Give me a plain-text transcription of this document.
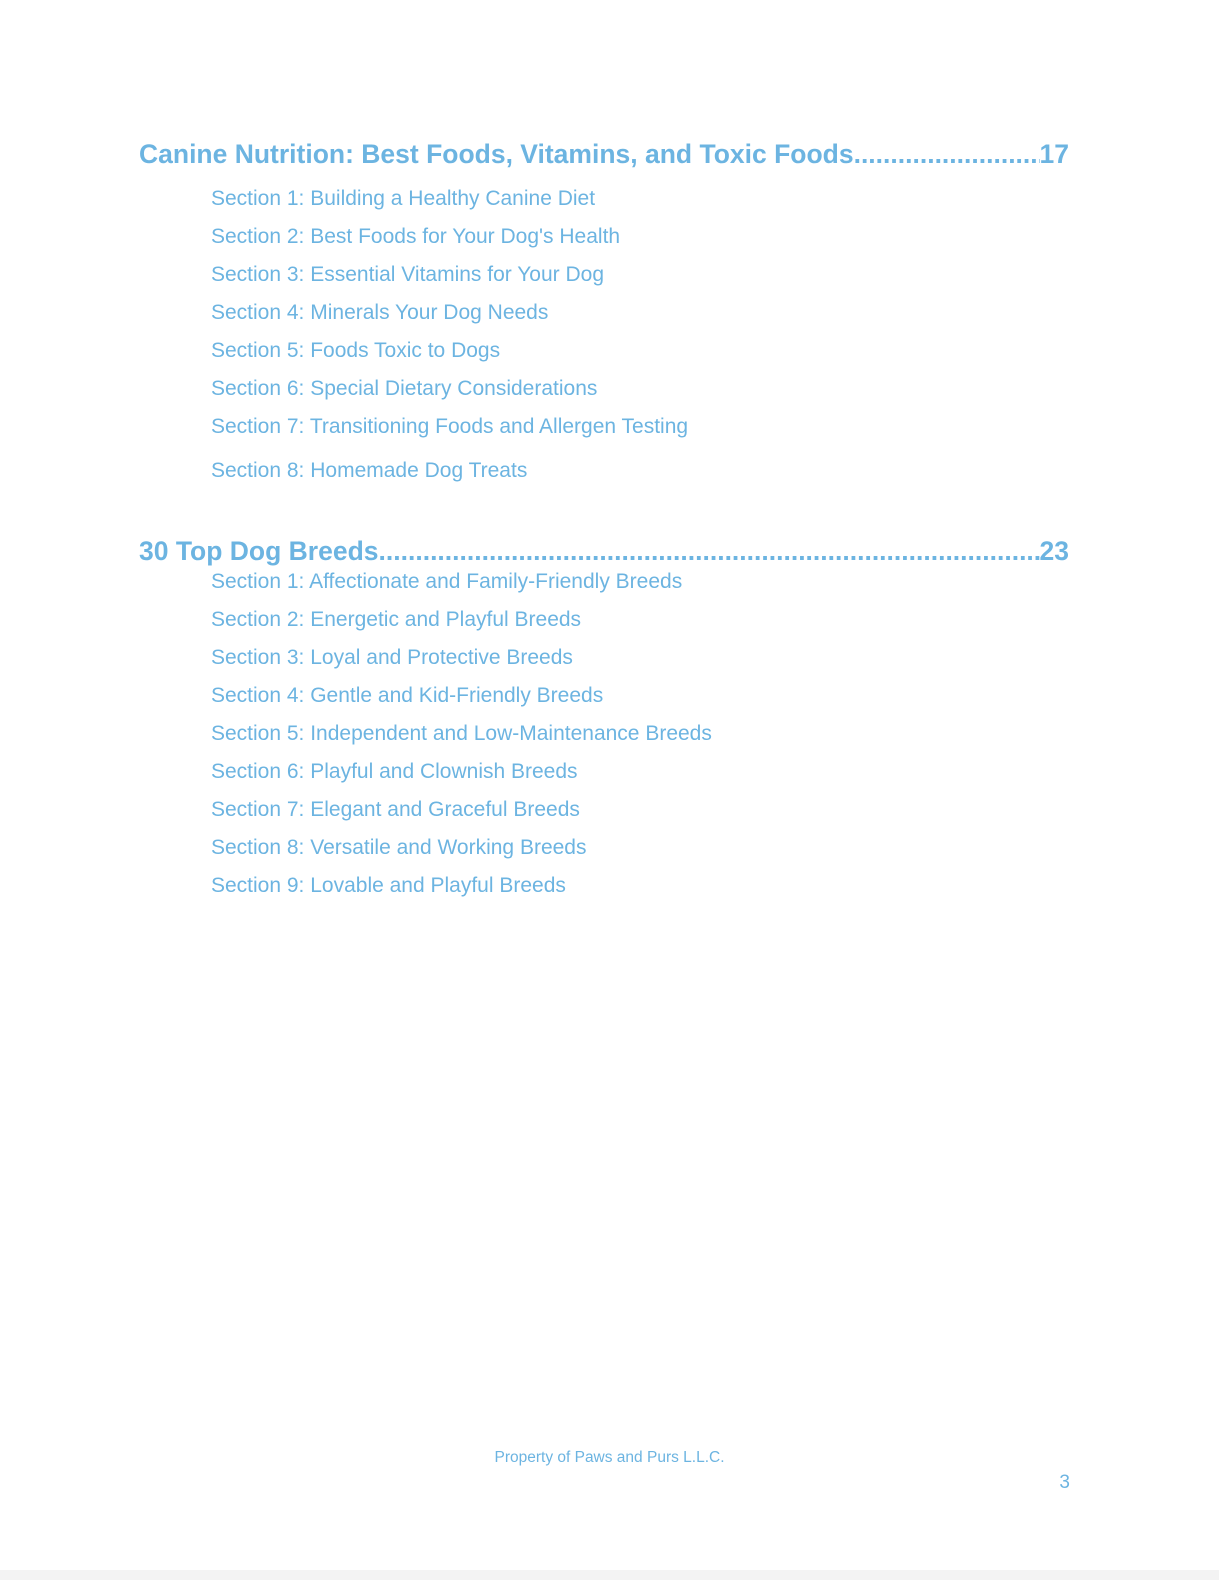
Canine Nutrition: Best Foods, Vitamins, and Toxic Foods .....	17
Section 1: Building a Healthy Canine Diet
Section 2: Best Foods for Your Dog's Health
Section 3: Essential Vitamins for Your Dog
Section 4: Minerals Your Dog Needs
Section 5: Foods Toxic to Dogs
Section 6: Special Dietary Considerations
Section 7: Transitioning Foods and Allergen Testing
Section 8: Homemade Dog Treats
30 Top Dog Breeds .....	23
Section 1: Affectionate and Family-Friendly Breeds
Section 2: Energetic and Playful Breeds
Section 3: Loyal and Protective Breeds
Section 4: Gentle and Kid-Friendly Breeds
Section 5: Independent and Low-Maintenance Breeds
Section 6: Playful and Clownish Breeds
Section 7: Elegant and Graceful Breeds
Section 8: Versatile and Working Breeds
Section 9: Lovable and Playful Breeds
Property of Paws and Purs L.L.C.
3
